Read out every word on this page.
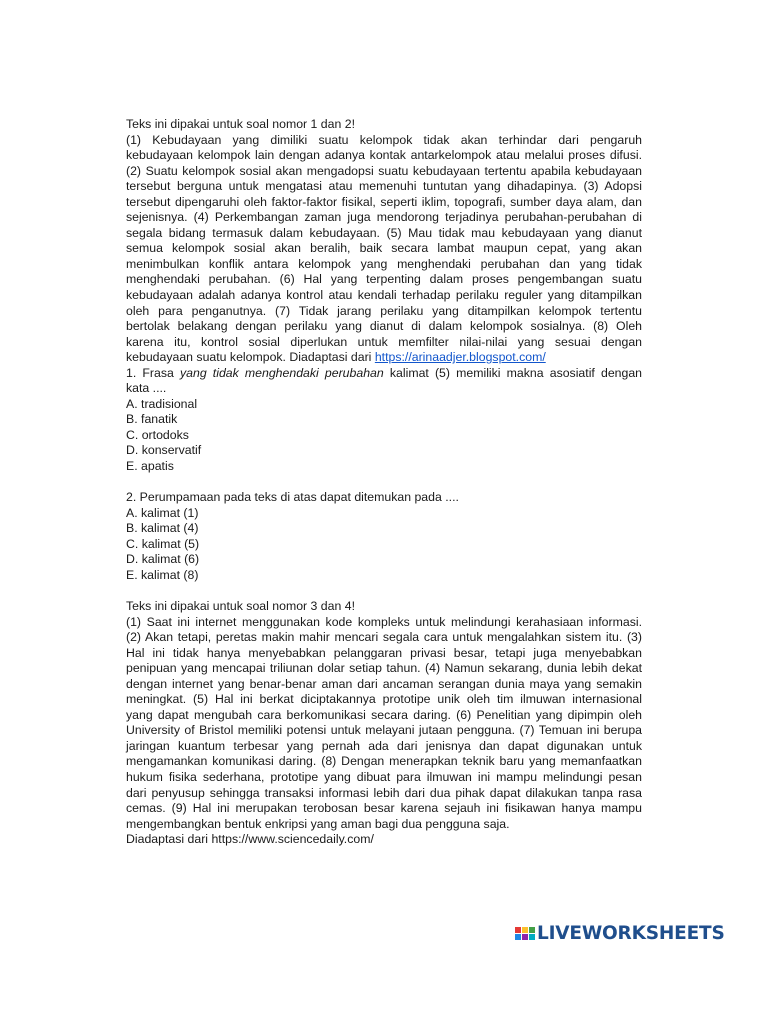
Teks ini dipakai untuk soal nomor 1 dan 2!
(1) Kebudayaan yang dimiliki suatu kelompok tidak akan terhindar dari pengaruh
kebudayaan kelompok lain dengan adanya kontak antarkelompok atau melalui proses difusi.
(2) Suatu kelompok sosial akan mengadopsi suatu kebudayaan tertentu apabila kebudayaan
tersebut berguna untuk mengatasi atau memenuhi tuntutan yang dihadapinya. (3) Adopsi
tersebut dipengaruhi oleh faktor-faktor fisikal, seperti iklim, topografi, sumber daya alam, dan
sejenisnya. (4) Perkembangan zaman juga mendorong terjadinya perubahan-perubahan di
segala bidang termasuk dalam kebudayaan. (5) Mau tidak mau kebudayaan yang dianut
semua kelompok sosial akan beralih, baik secara lambat maupun cepat, yang akan
menimbulkan konflik antara kelompok yang menghendaki perubahan dan yang tidak
menghendaki perubahan. (6) Hal yang terpenting dalam proses pengembangan suatu
kebudayaan adalah adanya kontrol atau kendali terhadap perilaku reguler yang ditampilkan
oleh para penganutnya. (7) Tidak jarang perilaku yang ditampilkan kelompok tertentu
bertolak belakang dengan perilaku yang dianut di dalam kelompok sosialnya. (8) Oleh
karena itu, kontrol sosial diperlukan untuk memfilter nilai-nilai yang sesuai dengan
kebudayaan suatu kelompok. Diadaptasi dari https://arinaadjer.blogspot.com/
1. Frasa yang tidak menghendaki perubahan kalimat (5) memiliki makna asosiatif dengan
kata ....
A. tradisional
B. fanatik
C. ortodoks
D. konservatif
E. apatis
2. Perumpamaan pada teks di atas dapat ditemukan pada ....
A. kalimat (1)
B. kalimat (4)
C. kalimat (5)
D. kalimat (6)
E. kalimat (8)
Teks ini dipakai untuk soal nomor 3 dan 4!
(1) Saat ini internet menggunakan kode kompleks untuk melindungi kerahasiaan informasi.
(2) Akan tetapi, peretas makin mahir mencari segala cara untuk mengalahkan sistem itu. (3)
Hal ini tidak hanya menyebabkan pelanggaran privasi besar, tetapi juga menyebabkan
penipuan yang mencapai triliunan dolar setiap tahun. (4) Namun sekarang, dunia lebih dekat
dengan internet yang benar-benar aman dari ancaman serangan dunia maya yang semakin
meningkat. (5) Hal ini berkat diciptakannya prototipe unik oleh tim ilmuwan internasional
yang dapat mengubah cara berkomunikasi secara daring. (6) Penelitian yang dipimpin oleh
University of Bristol memiliki potensi untuk melayani jutaan pengguna. (7) Temuan ini berupa
jaringan kuantum terbesar yang pernah ada dari jenisnya dan dapat digunakan untuk
mengamankan komunikasi daring. (8) Dengan menerapkan teknik baru yang memanfaatkan
hukum fisika sederhana, prototipe yang dibuat para ilmuwan ini mampu melindungi pesan
dari penyusup sehingga transaksi informasi lebih dari dua pihak dapat dilakukan tanpa rasa
cemas. (9) Hal ini merupakan terobosan besar karena sejauh ini fisikawan hanya mampu
mengembangkan bentuk enkripsi yang aman bagi dua pengguna saja.
Diadaptasi dari https://www.sciencedaily.com/
LIVEWORKSHEETS
